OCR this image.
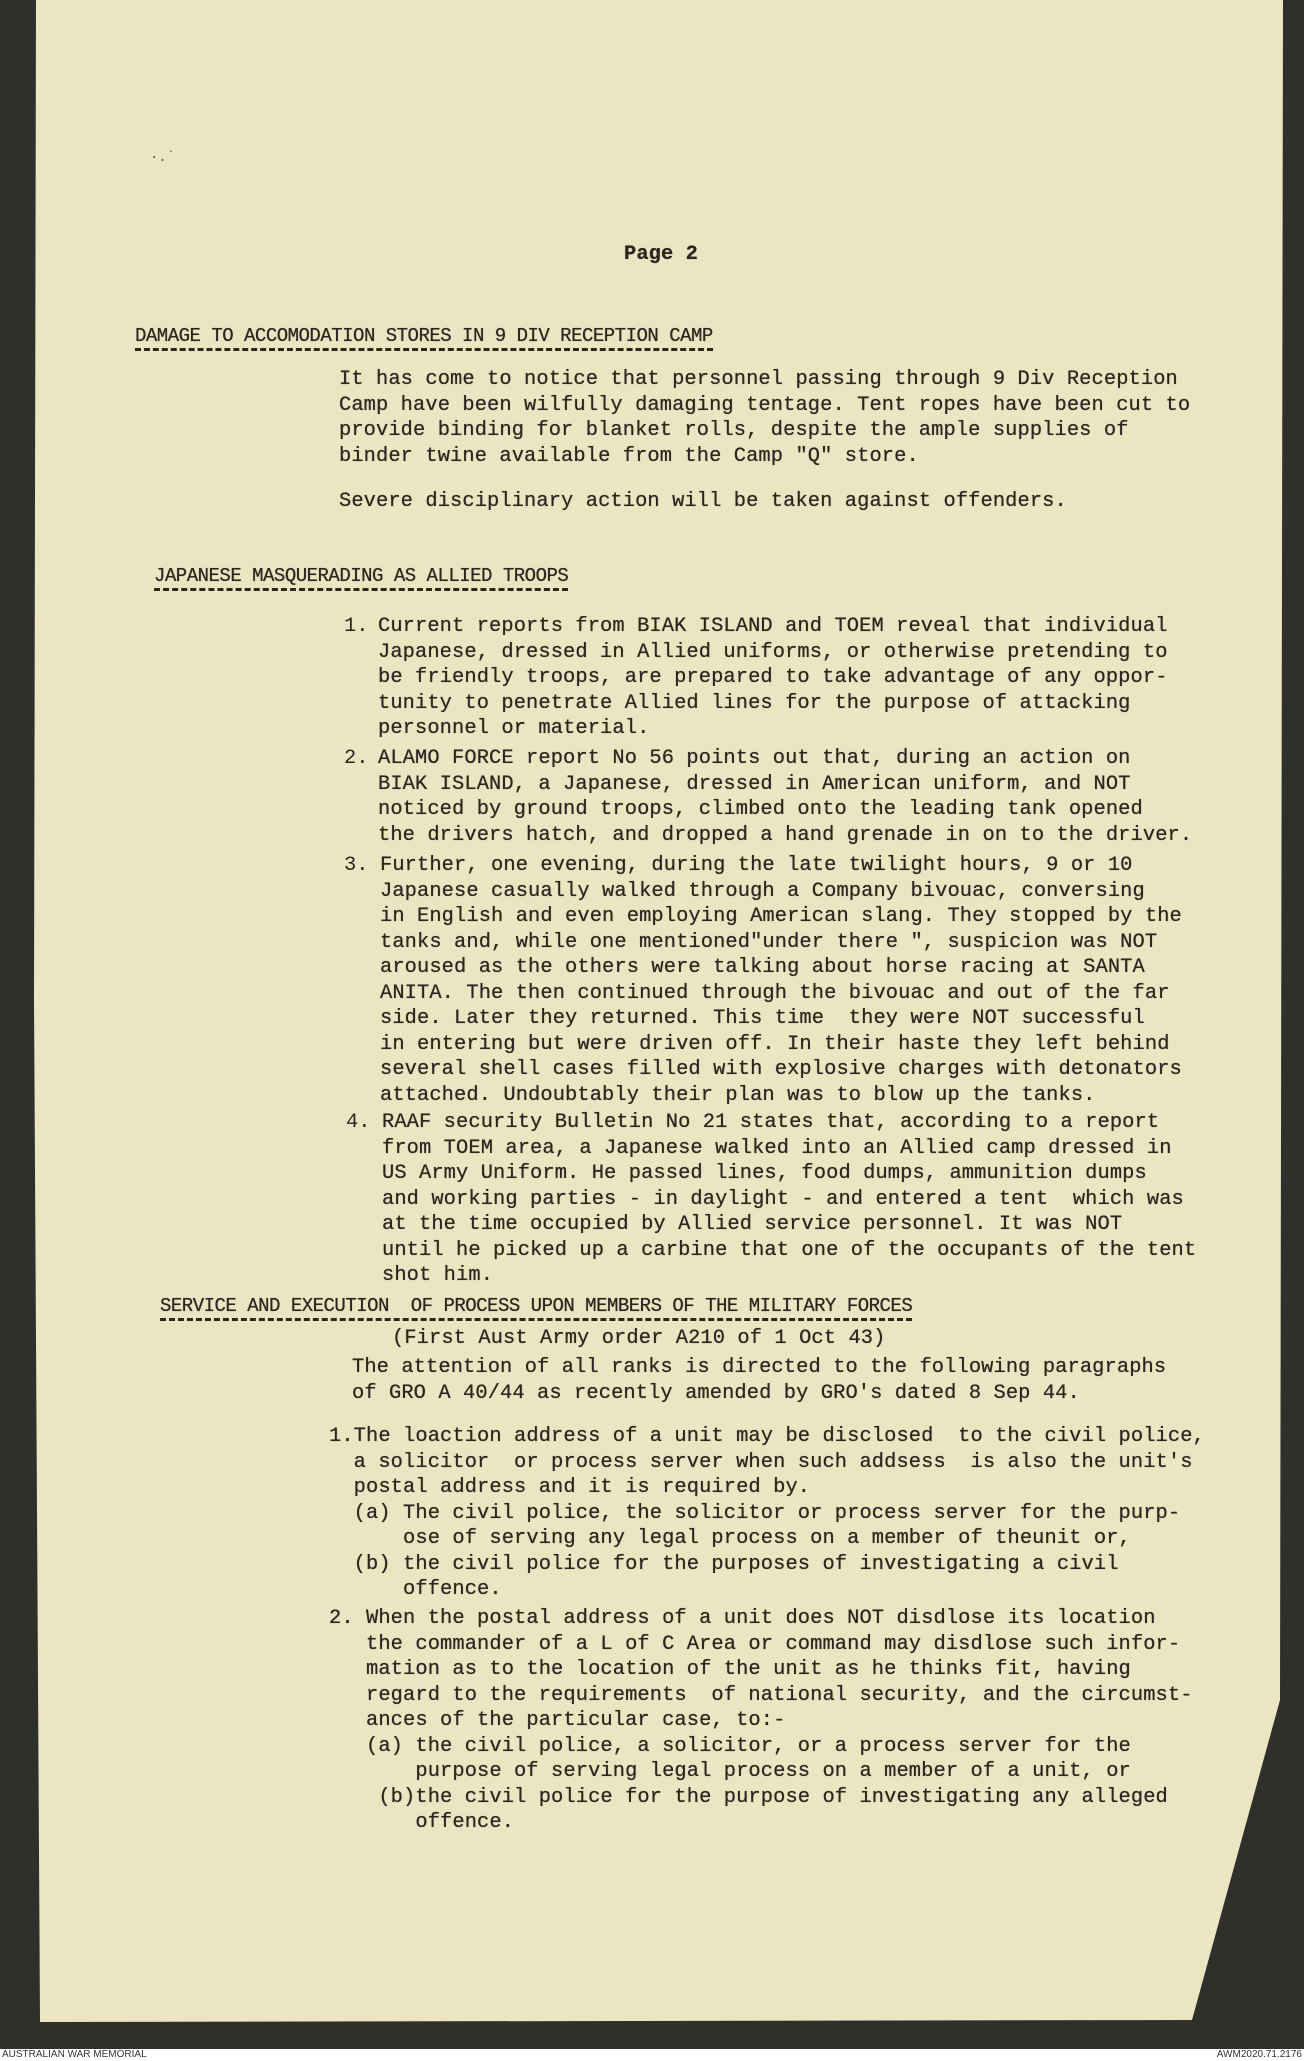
·.˙
Page 2
DAMAGE TO ACCOMODATION STORES IN 9 DIV RECEPTION CAMP
It has come to notice that personnel passing through 9 Div Reception
Camp have been wilfully damaging tentage. Tent ropes have been cut to
provide binding for blanket rolls, despite the ample supplies of
binder twine available from the Camp "Q" store.
Severe disciplinary action will be taken against offenders.
JAPANESE MASQUERADING AS ALLIED TROOPS
1. Current reports from BIAK ISLAND and TOEM reveal that individual
Japanese, dressed in Allied uniforms, or otherwise pretending to
be friendly troops, are prepared to take advantage of any oppor-
tunity to penetrate Allied lines for the purpose of attacking
personnel or material.
2. ALAMO FORCE report No 56 points out that, during an action on
BIAK ISLAND, a Japanese, dressed in American uniform, and NOT
noticed by ground troops, climbed onto the leading tank opened
the drivers hatch, and dropped a hand grenade in on to the driver.
3. Further, one evening, during the late twilight hours, 9 or 10
Japanese casually walked through a Company bivouac, conversing
in English and even employing American slang. They stopped by the
tanks and, while one mentioned"under there ", suspicion was NOT
aroused as the others were talking about horse racing at SANTA
ANITA. The then continued through the bivouac and out of the far
side. Later they returned. This time  they were NOT successful
in entering but were driven off. In their haste they left behind
several shell cases filled with explosive charges with detonators
attached. Undoubtably their plan was to blow up the tanks.
4. RAAF security Bulletin No 21 states that, according to a report
from TOEM area, a Japanese walked into an Allied camp dressed in
US Army Uniform. He passed lines, food dumps, ammunition dumps
and working parties - in daylight - and entered a tent  which was
at the time occupied by Allied service personnel. It was NOT
until he picked up a carbine that one of the occupants of the tent
shot him.
SERVICE AND EXECUTION  OF PROCESS UPON MEMBERS OF THE MILITARY FORCES
(First Aust Army order A210 of 1 Oct 43)
The attention of all ranks is directed to the following paragraphs
of GRO A 40/44 as recently amended by GRO's dated 8 Sep 44.
1.The loaction address of a unit may be disclosed  to the civil police,
a solicitor  or process server when such addsess  is also the unit's
postal address and it is required by.
(a) The civil police, the solicitor or process server for the purp-
ose of serving any legal process on a member of theunit or,
(b) the civil police for the purposes of investigating a civil
offence.
2. When the postal address of a unit does NOT disdlose its location
the commander of a L of C Area or command may disdlose such infor-
mation as to the location of the unit as he thinks fit, having
regard to the requirements  of national security, and the circumst-
ances of the particular case, to:-
(a) the civil police, a solicitor, or a process server for the
purpose of serving legal process on a member of a unit, or
(b)the civil police for the purpose of investigating any alleged
offence.
AUSTRALIAN WAR MEMORIAL	AWM2020.71.2176
